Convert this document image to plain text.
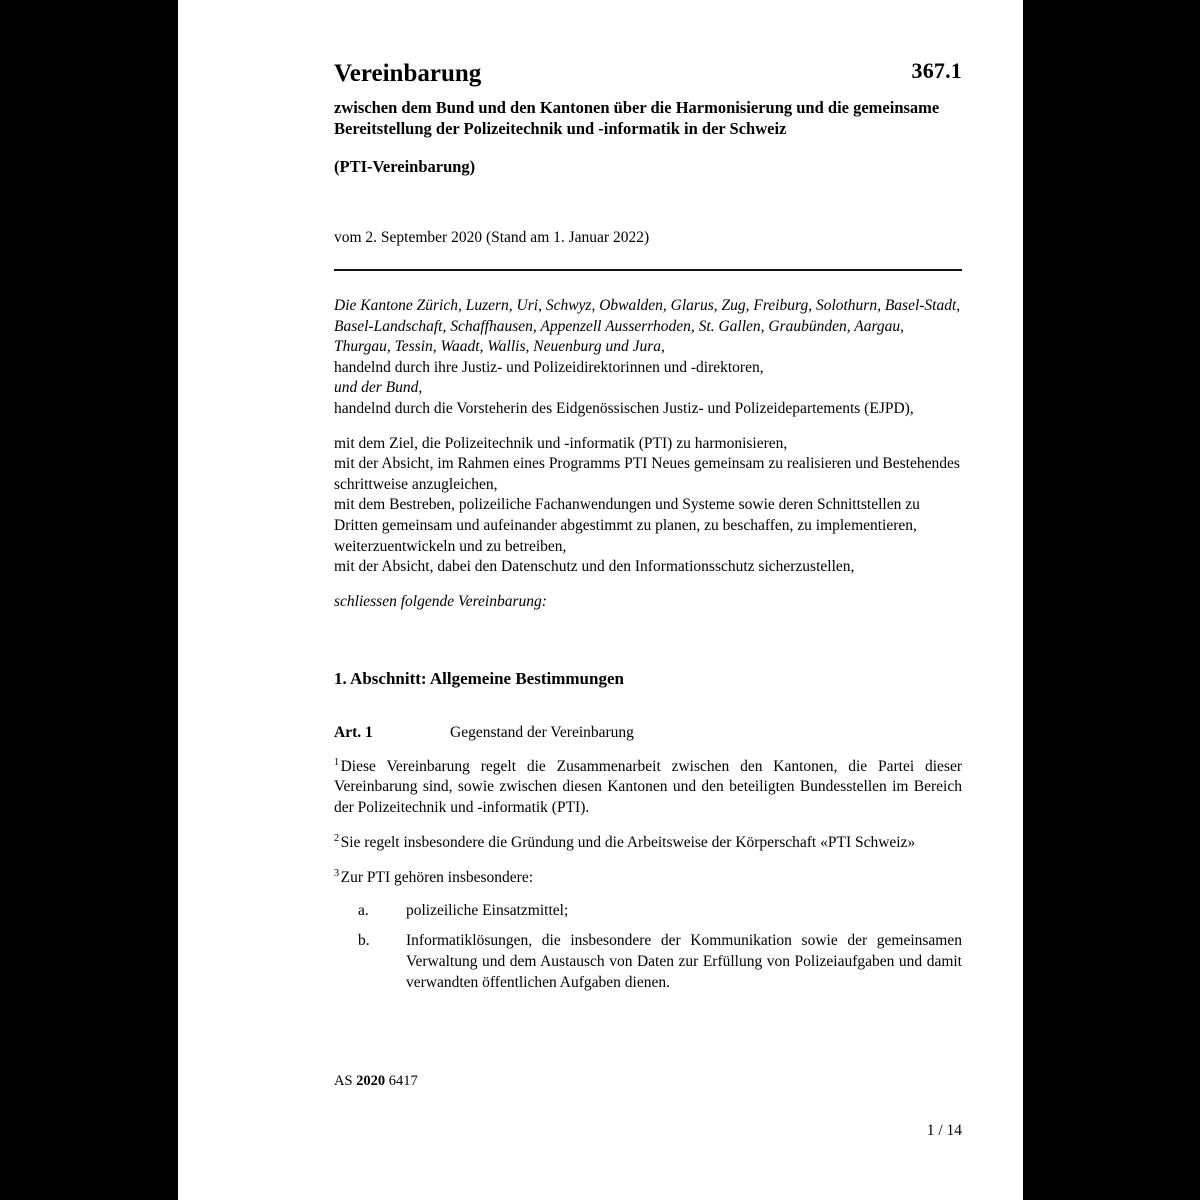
367.1
Vereinbarung
zwischen dem Bund und den Kantonen über die Harmonisierung und die gemeinsame Bereitstellung der Polizeitechnik und -informatik in der Schweiz
(PTI-Vereinbarung)
vom 2. September 2020 (Stand am 1. Januar 2022)

Die Kantone Zürich, Luzern, Uri, Schwyz, Obwalden, Glarus, Zug, Freiburg, Solothurn, Basel-Stadt, Basel-Landschaft, Schaffhausen, Appenzell Ausserrhoden, St. Gallen, Graubünden, Aargau, Thurgau, Tessin, Waadt, Wallis, Neuenburg und Jura,

handelnd durch ihre Justiz- und Polizeidirektorinnen und -direktoren,

und der Bund,

handelnd durch die Vorsteherin des Eidgenössischen Justiz- und Polizeidepartements (EJPD),

mit dem Ziel, die Polizeitechnik und -informatik (PTI) zu harmonisieren,

mit der Absicht, im Rahmen eines Programms PTI Neues gemeinsam zu realisieren und Bestehendes schrittweise anzugleichen,

mit dem Bestreben, polizeiliche Fachanwendungen und Systeme sowie deren Schnittstellen zu Dritten gemeinsam und aufeinander abgestimmt zu planen, zu beschaffen, zu implementieren, weiterzuentwickeln und zu betreiben,

mit der Absicht, dabei den Datenschutz und den Informationsschutz sicherzustellen,

schliessen folgende Vereinbarung:

1. Abschnitt: Allgemeine Bestimmungen
Art. 1	Gegenstand der Vereinbarung

$^1$Diese Vereinbarung regelt die Zusammenarbeit zwischen den Kantonen, die Partei dieser Vereinbarung sind, sowie zwischen diesen Kantonen und den beteiligten Bundesstellen im Bereich der Polizeitechnik und -informatik (PTI).

$^2$Sie regelt insbesondere die Gründung und die Arbeitsweise der Körperschaft «PTI Schweiz»

$^3$Zur PTI gehören insbesondere:

a.	polizeiliche Einsatzmittel;
b.	Informatiklösungen, die insbesondere der Kommunikation sowie der gemeinsamen Verwaltung und dem Austausch von Daten zur Erfüllung von Polizeiaufgaben und damit verwandten öffentlichen Aufgaben dienen.
AS 2020 6417
1 / 14
